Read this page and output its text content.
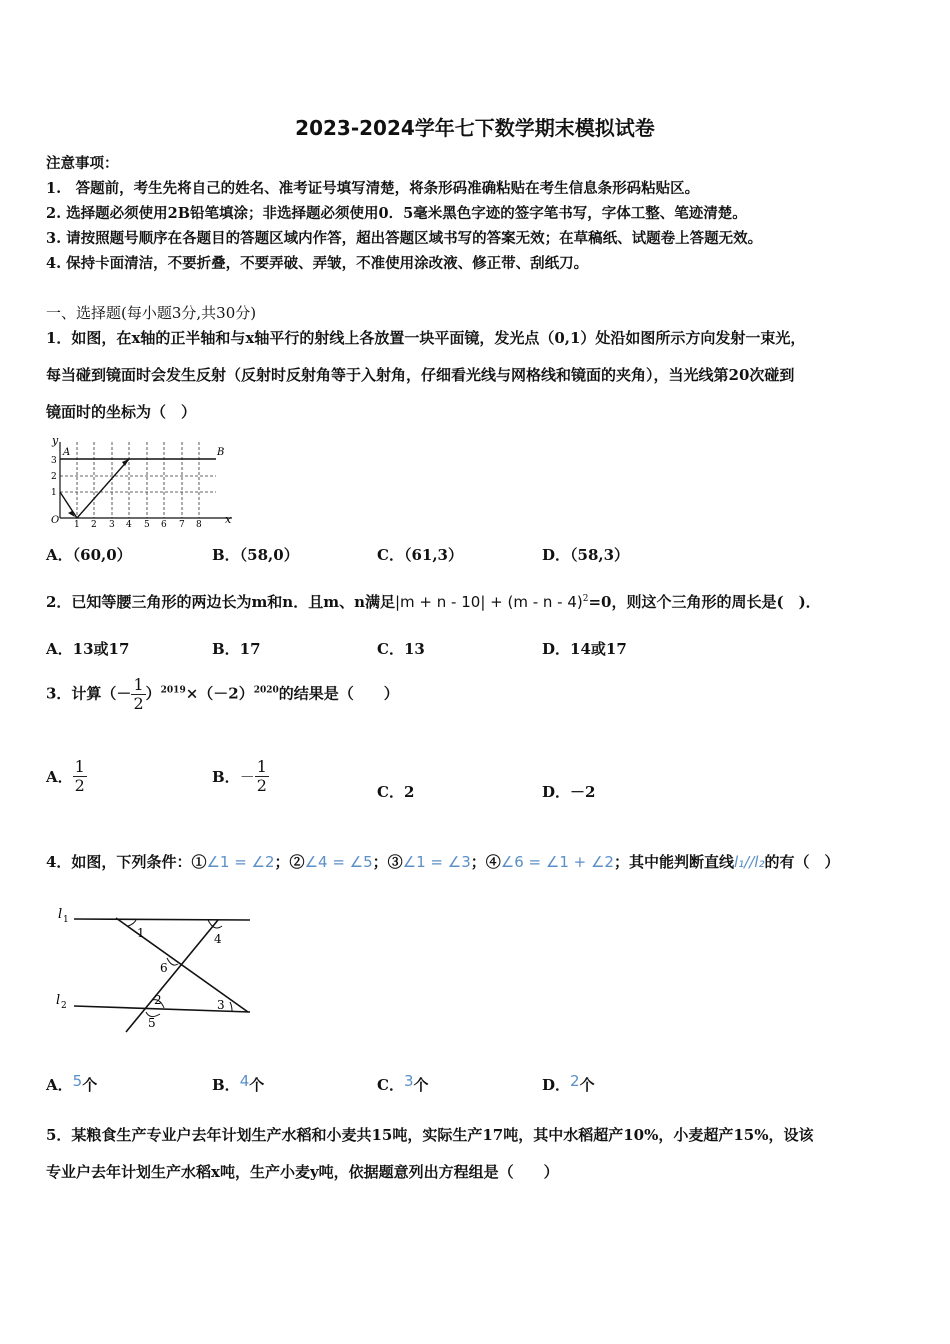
2023-2024学年七下数学期末模拟试卷
注意事项：
1.　答题前，考生先将自己的姓名、准考证号填写清楚，将条形码准确粘贴在考生信息条形码粘贴区。
2. 选择题必须使用2B铅笔填涂；非选择题必须使用0．5毫米黑色字迹的签字笔书写，字体工整、笔迹清楚。
3. 请按照题号顺序在各题目的答题区域内作答，超出答题区域书写的答案无效；在草稿纸、试题卷上答题无效。
4. 保持卡面清洁，不要折叠，不要弄破、弄皱，不准使用涂改液、修正带、刮纸刀。
一、选择题(每小题3分,共30分)
1．如图，在x轴的正半轴和与x轴平行的射线上各放置一块平面镜，发光点（0,1）处沿如图所示方向发射一束光，
每当碰到镜面时会发生反射（反射时反射角等于入射角，仔细看光线与网格线和镜面的夹角），当光线第20次碰到
镜面时的坐标为（　）
y
A	B
O	x
3
2
1
1 2 3 4 5 6 7 8
A．（60,0）	B．（58,0）	C．（61,3）	D．（58,3）
2．已知等腰三角形的两边长为m和n．且m、n满足|m + n - 10| + (m - n - 4)$^2$=0，则这个三角形的周长是(　)．
A．13或17	B．17	C．13	D．14或17
3．计算（－ $\frac{1}{2} )^{2019}\times(-2)^{2020}$的结果是（　　）
A． $\frac{1}{2}$	B．－ $\frac{1}{2}$	C．2	D．－2
4．如图，下列条件：①∠1 = ∠2；②∠4 = ∠5；③∠1 = ∠3；④∠6 = ∠1 + ∠2；其中能判断直线l₁//l₂的有（　）
l 1
l 2
1
2	3
4
5
6
A．5个	B．4个	C．3个	D．2个
5．某粮食生产专业户去年计划生产水稻和小麦共15吨，实际生产17吨，其中水稻超产10%，小麦超产15%，设该
专业户去年计划生产水稻x吨，生产小麦y吨，依据题意列出方程组是（　　）
